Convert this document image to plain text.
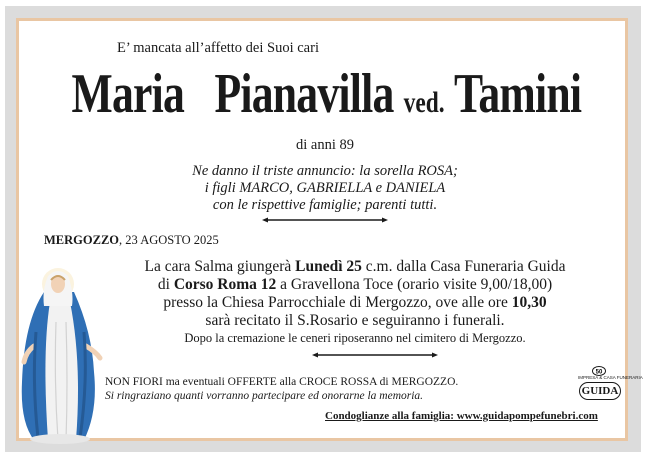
E’ mancata all’affetto dei Suoi cari
Maria Pianavilla ved. Tamini
di anni 89
Ne danno il triste annuncio: la sorella ROSA;
i figli MARCO, GABRIELLA e DANIELA
con le rispettive famiglie; parenti tutti.
MERGOZZO, 23 AGOSTO 2025
La cara Salma giungerà Lunedì 25 c.m. dalla Casa Funeraria Guida
di Corso Roma 12 a Gravellona Toce (orario visite 9,00/18,00)
presso la Chiesa Parrocchiale di Mergozzo, ove alle ore 10,30
sarà recitato il S.Rosario e seguiranno i funerali.
Dopo la cremazione le ceneri riposeranno nel cimitero di Mergozzo.
NON FIORI ma eventuali OFFERTE alla CROCE ROSSA di MERGOZZO.
Si ringraziano quanti vorranno partecipare ed onorarne la memoria.
Condoglianze alla famiglia: www.guidapompefunebri.com
50
IMPRESA & CASA FUNERARIA
GUIDA
